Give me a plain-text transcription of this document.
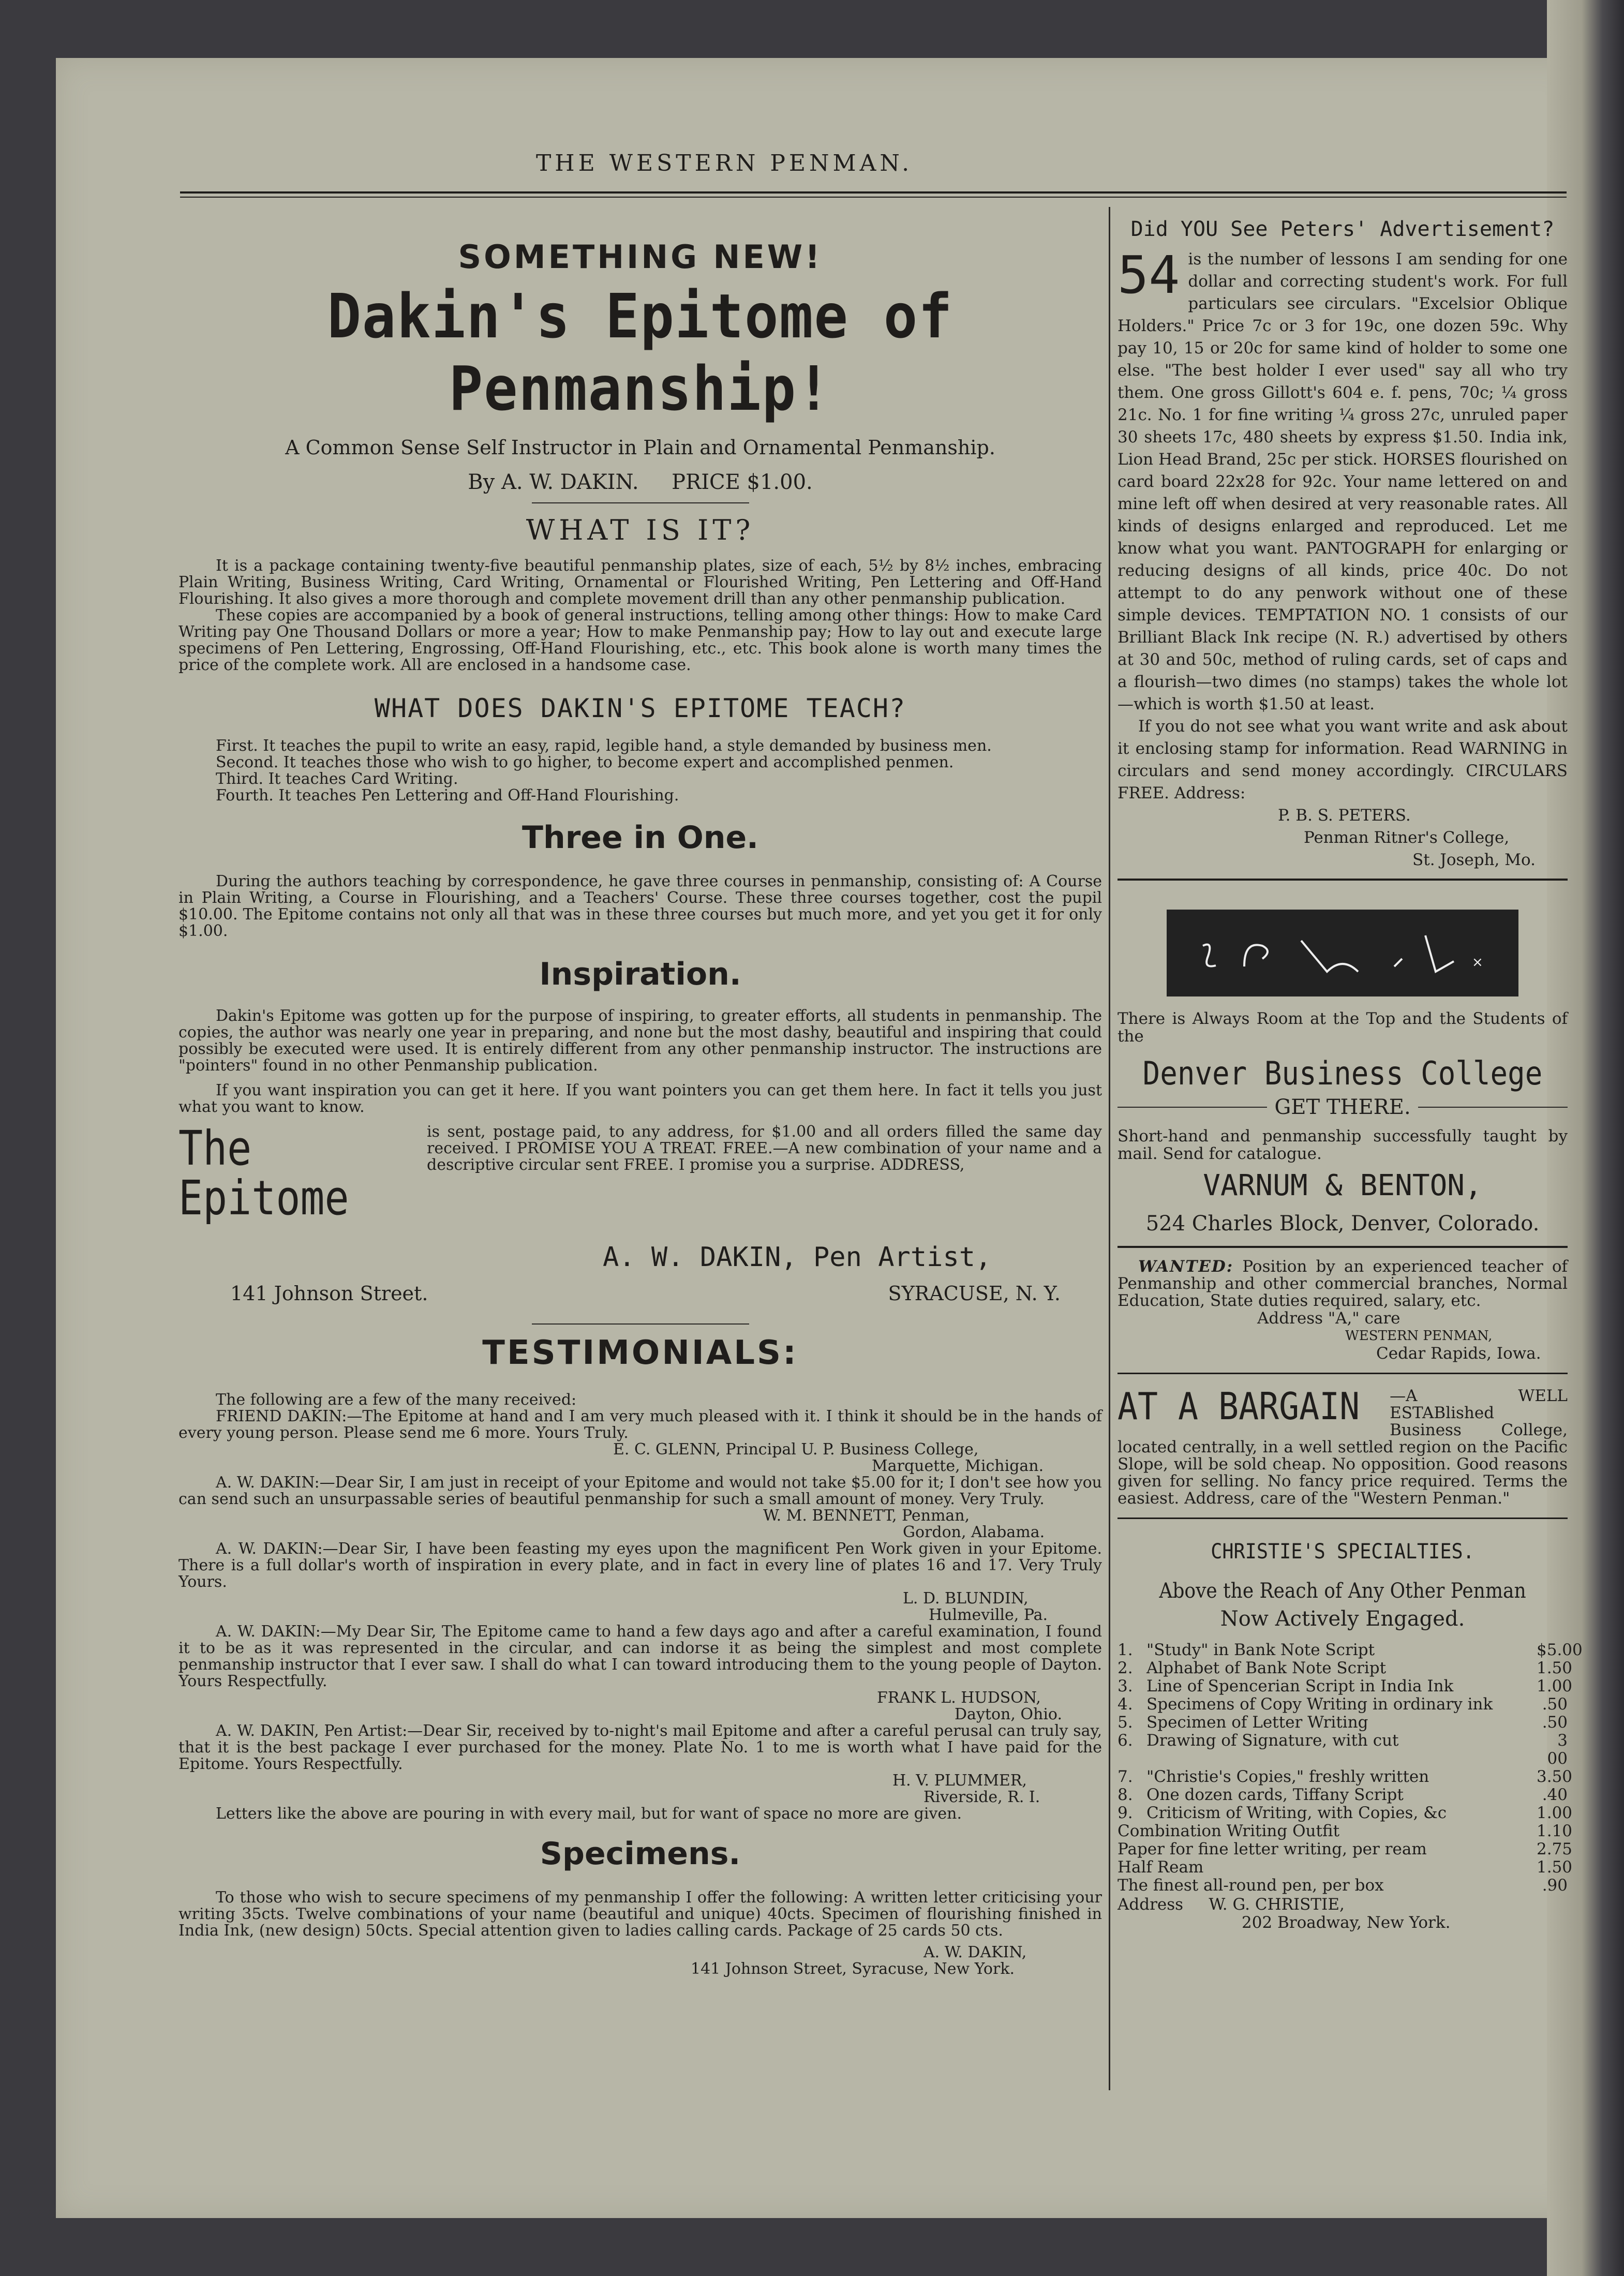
THE WESTERN PENMAN.
SOMETHING NEW!
Dakin's Epitome of Penmanship!
A Common Sense Self Instructor in Plain and Ornamental Penmanship.
By A. W. DAKIN.     PRICE $1.00.
WHAT IS IT?

It is a package containing twenty-five beautiful penmanship plates, size of each, 5½ by 8½ inches, embracing Plain Writing, Business Writing, Card Writing, Ornamental or Flourished Writing, Pen Lettering and Off-Hand Flourishing. It also gives a more thorough and complete movement drill than any other penmanship publication.

These copies are accompanied by a book of general instructions, telling among other things: How to make Card Writing pay One Thousand Dollars or more a year; How to make Penmanship pay; How to lay out and execute large specimens of Pen Lettering, Engrossing, Off-Hand Flourishing, etc., etc. This book alone is worth many times the price of the complete work. All are enclosed in a handsome case.

WHAT DOES DAKIN'S EPITOME TEACH?

First. It teaches the pupil to write an easy, rapid, legible hand, a style demanded by business men.

Second. It teaches those who wish to go higher, to become expert and accomplished penmen.

Third. It teaches Card Writing.

Fourth. It teaches Pen Lettering and Off-Hand Flourishing.

Three in One.

During the authors teaching by correspondence, he gave three courses in penmanship, consisting of: A Course in Plain Writing, a Course in Flourishing, and a Teachers' Course. These three courses together, cost the pupil $10.00. The Epitome contains not only all that was in these three courses but much more, and yet you get it for only $1.00.

Inspiration.

Dakin's Epitome was gotten up for the purpose of inspiring, to greater efforts, all students in penmanship. The copies, the author was nearly one year in preparing, and none but the most dashy, beautiful and inspiring that could possibly be executed were used. It is entirely different from any other penmanship instructor. The instructions are "pointers" found in no other Penmanship publication.

If you want inspiration you can get it here. If you want pointers you can get them here. In fact it tells you just what you want to know.

The Epitome

is sent, postage paid, to any address, for $1.00 and all orders filled the same day received. I PROMISE YOU A TREAT. FREE.—A new combination of your name and a descriptive circular sent FREE. I promise you a surprise. ADDRESS,

A. W. DAKIN, Pen Artist,
141 Johnson Street.	SYRACUSE, N. Y.
TESTIMONIALS:

The following are a few of the many received:

FRIEND DAKIN:—The Epitome at hand and I am very much pleased with it. I think it should be in the hands of every young person. Please send me 6 more. Yours Truly.

E. C. GLENN, Principal U. P. Business College,
Marquette, Michigan.

A. W. DAKIN:—Dear Sir, I am just in receipt of your Epitome and would not take $5.00 for it; I don't see how you can send such an unsurpassable series of beautiful penmanship for such a small amount of money. Very Truly.

W. M. BENNETT, Penman,
Gordon, Alabama.

A. W. DAKIN:—Dear Sir, I have been feasting my eyes upon the magnificent Pen Work given in your Epitome. There is a full dollar's worth of inspiration in every plate, and in fact in every line of plates 16 and 17. Very Truly Yours.

L. D. BLUNDIN,
Hulmeville, Pa.

A. W. DAKIN:—My Dear Sir, The Epitome came to hand a few days ago and after a careful examination, I found it to be as it was represented in the circular, and can indorse it as being the simplest and most complete penmanship instructor that I ever saw. I shall do what I can toward introducing them to the young people of Dayton. Yours Respectfully.

FRANK L. HUDSON,
Dayton, Ohio.

A. W. DAKIN, Pen Artist:—Dear Sir, received by to-night's mail Epitome and after a careful perusal can truly say, that it is the best package I ever purchased for the money. Plate No. 1 to me is worth what I have paid for the Epitome. Yours Respectfully.

H. V. PLUMMER,
Riverside, R. I.

Letters like the above are pouring in with every mail, but for want of space no more are given.

Specimens.

To those who wish to secure specimens of my penmanship I offer the following: A written letter criticising your writing 35cts. Twelve combinations of your name (beautiful and unique) 40cts. Specimen of flourishing finished in India Ink, (new design) 50cts. Special attention given to ladies calling cards. Package of 25 cards 50 cts.

A. W. DAKIN,
141 Johnson Street, Syracuse, New York.
Did YOU See Peters' Advertisement?
54 is the number of lessons I am sending for one dollar and correcting student's work. For full particulars see circulars. "Excelsior Oblique Holders." Price 7c or 3 for 19c, one dozen 59c. Why pay 10, 15 or 20c for same kind of holder to some one else. "The best holder I ever used" say all who try them. One gross Gillott's 604 e. f. pens, 70c; ¼ gross 21c. No. 1 for fine writing ¼ gross 27c, unruled paper 30 sheets 17c, 480 sheets by express $1.50. India ink, Lion Head Brand, 25c per stick. HORSES flourished on card board 22x28 for 92c. Your name lettered on and mine left off when desired at very reasonable rates. All kinds of designs enlarged and reproduced. Let me know what you want. PANTOGRAPH for enlarging or reducing designs of all kinds, price 40c. Do not attempt to do any penwork without one of these simple devices. TEMPTATION NO. 1 consists of our Brilliant Black Ink recipe (N. R.) advertised by others at 30 and 50c, method of ruling cards, set of caps and a flourish—two dimes (no stamps) takes the whole lot—which is worth $1.50 at least.

If you do not see what you want write and ask about it enclosing stamp for information. Read WARNING in circulars and send money accordingly. CIRCULARS FREE. Address:

P. B. S. PETERS.
Penman Ritner's College,
St. Joseph, Mo.
×

There is Always Room at the Top and the Students of the

Denver Business College
GET THERE.

Short-hand and penmanship successfully taught by mail. Send for catalogue.

VARNUM & BENTON,
524 Charles Block, Denver, Colorado.

WANTED: Position by an experienced teacher of Penmanship and other commercial branches, Normal Education, State duties required, salary, etc.

Address "A," care
WESTERN PENMAN,
Cedar Rapids, Iowa.
AT A BARGAIN	—A WELL ESTABlished Business College, located centrally, in a well settled region on the Pacific Slope, will be sold cheap. No opposition. Good reasons given for selling. No fancy price required. Terms the easiest. Address, care of the "Western Penman."

CHRISTIE'S SPECIALTIES.
Above the Reach of Any Other Penman
Now Actively Engaged.
1. "Study" in Bank Note Script	$5.00
2. Alphabet of Bank Note Script	1.50
3. Line of Spencerian Script in India Ink	1.00
4. Specimens of Copy Writing in ordinary ink	.50
5. Specimen of Letter Writing	.50
6. Drawing of Signature, with cut	3 00
7. "Christie's Copies," freshly written	3.50
8. One dozen cards, Tiffany Script	.40
9. Criticism of Writing, with Copies, &c	1.00
Combination Writing Outfit	1.10
Paper for fine letter writing, per ream	2.75
Half Ream	1.50
The finest all-round pen, per box	.90
Address     W. G. CHRISTIE,
202 Broadway, New York.
